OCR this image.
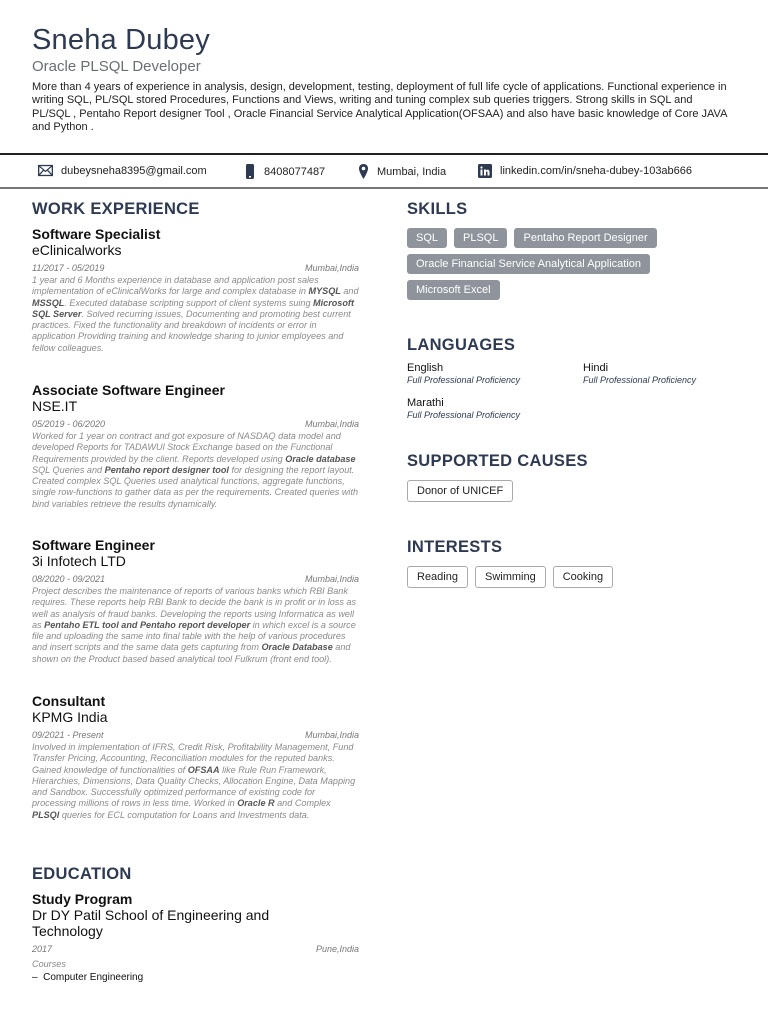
Sneha Dubey
Oracle PLSQL Developer
More than 4 years of experience in analysis, design, development, testing, deployment of full life cycle of applications. Functional experience in writing SQL, PL/SQL stored Procedures, Functions and Views, writing and tuning complex sub queries triggers. Strong skills in SQL and PL/SQL , Pentaho Report designer Tool , Oracle Financial Service Analytical Application(OFSAA) and also have basic knowledge of Core JAVA and Python .
dubeysneha8395@gmail.com	8408077487	Mumbai, India	linkedin.com/in/sneha-dubey-103ab666
WORK EXPERIENCE
Software Specialist
eClinicalworks
11/2017 - 05/2019	Mumbai,India
1 year and 6 Months experience in database and application post sales implementation of eClinicalWorks for large and complex database in MYSQL and MSSQL. Executed database scripting support of client systems suing Microsoft SQL Server. Solved recurring issues, Documenting and promoting best current practices. Fixed the functionality and breakdown of incidents or error in application Providing training and knowledge sharing to junior employees and fellow colleagues.
Associate Software Engineer
NSE.IT
05/2019 - 06/2020	Mumbai,India
Worked for 1 year on contract and got exposure of NASDAQ data model and developed Reports for TADAWUl Stock Exchange based on the Functional Requirements provided by the client. Reports developed using Oracle database SQL Queries and Pentaho report designer tool for designing the report layout. Created complex SQL Queries used analytical functions, aggregate functions, single row-functions to gather data as per the requirements. Created queries with bind variables retrieve the results dynamically.
Software Engineer
3i Infotech LTD
08/2020 - 09/2021	Mumbai,India
Project describes the maintenance of reports of various banks which RBI Bank requires. These reports help RBI Bank to decide the bank is in profit or in loss as well as analysis of fraud banks. Developing the reports using Informatica as well as Pentaho ETL tool and Pentaho report developer in which excel is a source file and uploading the same into final table with the help of various procedures and insert scripts and the same data gets capturing from Oracle Database and shown on the Product based based analytical tool Fulkrum (front end tool).
Consultant
KPMG India
09/2021 - Present	Mumbai,India
Involved in implementation of IFRS, Credit Risk, Profitability Management, Fund Transfer Pricing, Accounting, Reconciliation modules for the reputed banks. Gained knowledge of functionalities of OFSAA like Rule Run Framework, Hierarchies, Dimensions, Data Quality Checks, Allocation Engine, Data Mapping and Sandbox. Successfully optimized performance of existing code for processing millions of rows in less time. Worked in Oracle R and Complex PLSQl queries for ECL computation for Loans and Investments data.
EDUCATION
Study Program
Dr DY Patil School of Engineering and Technology
2017	Pune,India
Courses
–  Computer Engineering
SKILLS
SQL	PLSQL	Pentaho Report Designer
Oracle Financial Service Analytical Application
Microsoft Excel
LANGUAGES
English
Full Professional Proficiency
Hindi
Full Professional Proficiency
Marathi
Full Professional Proficiency
SUPPORTED CAUSES
Donor of UNICEF
INTERESTS
Reading	Swimming	Cooking
